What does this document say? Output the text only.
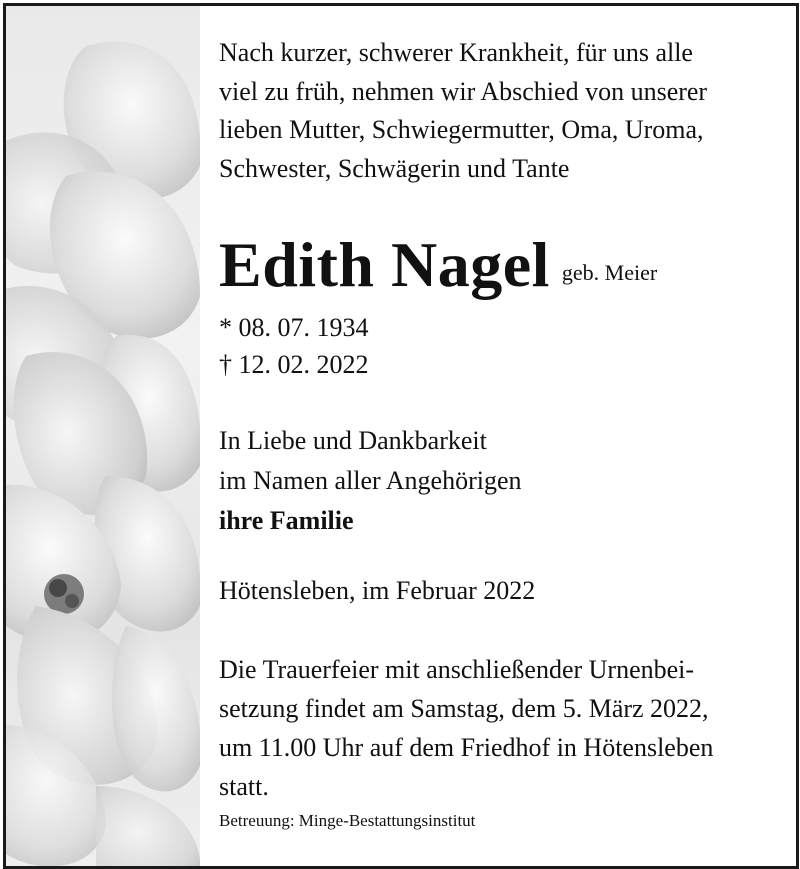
Nach kurzer, schwerer Krankheit, für uns alle
viel zu früh, nehmen wir Abschied von unserer
lieben Mutter, Schwiegermutter, Oma, Uroma,
Schwester, Schwägerin und Tante
Edith Nagel geb. Meier
* 08. 07. 1934
† 12. 02. 2022
In Liebe und Dankbarkeit
im Namen aller Angehörigen
ihre Familie
Hötensleben, im Februar 2022
Die Trauerfeier mit anschließender Urnenbei-
setzung findet am Samstag, dem 5. März 2022,
um 11.00 Uhr auf dem Friedhof in Hötensleben
statt.
Betreuung: Minge-Bestattungsinstitut
